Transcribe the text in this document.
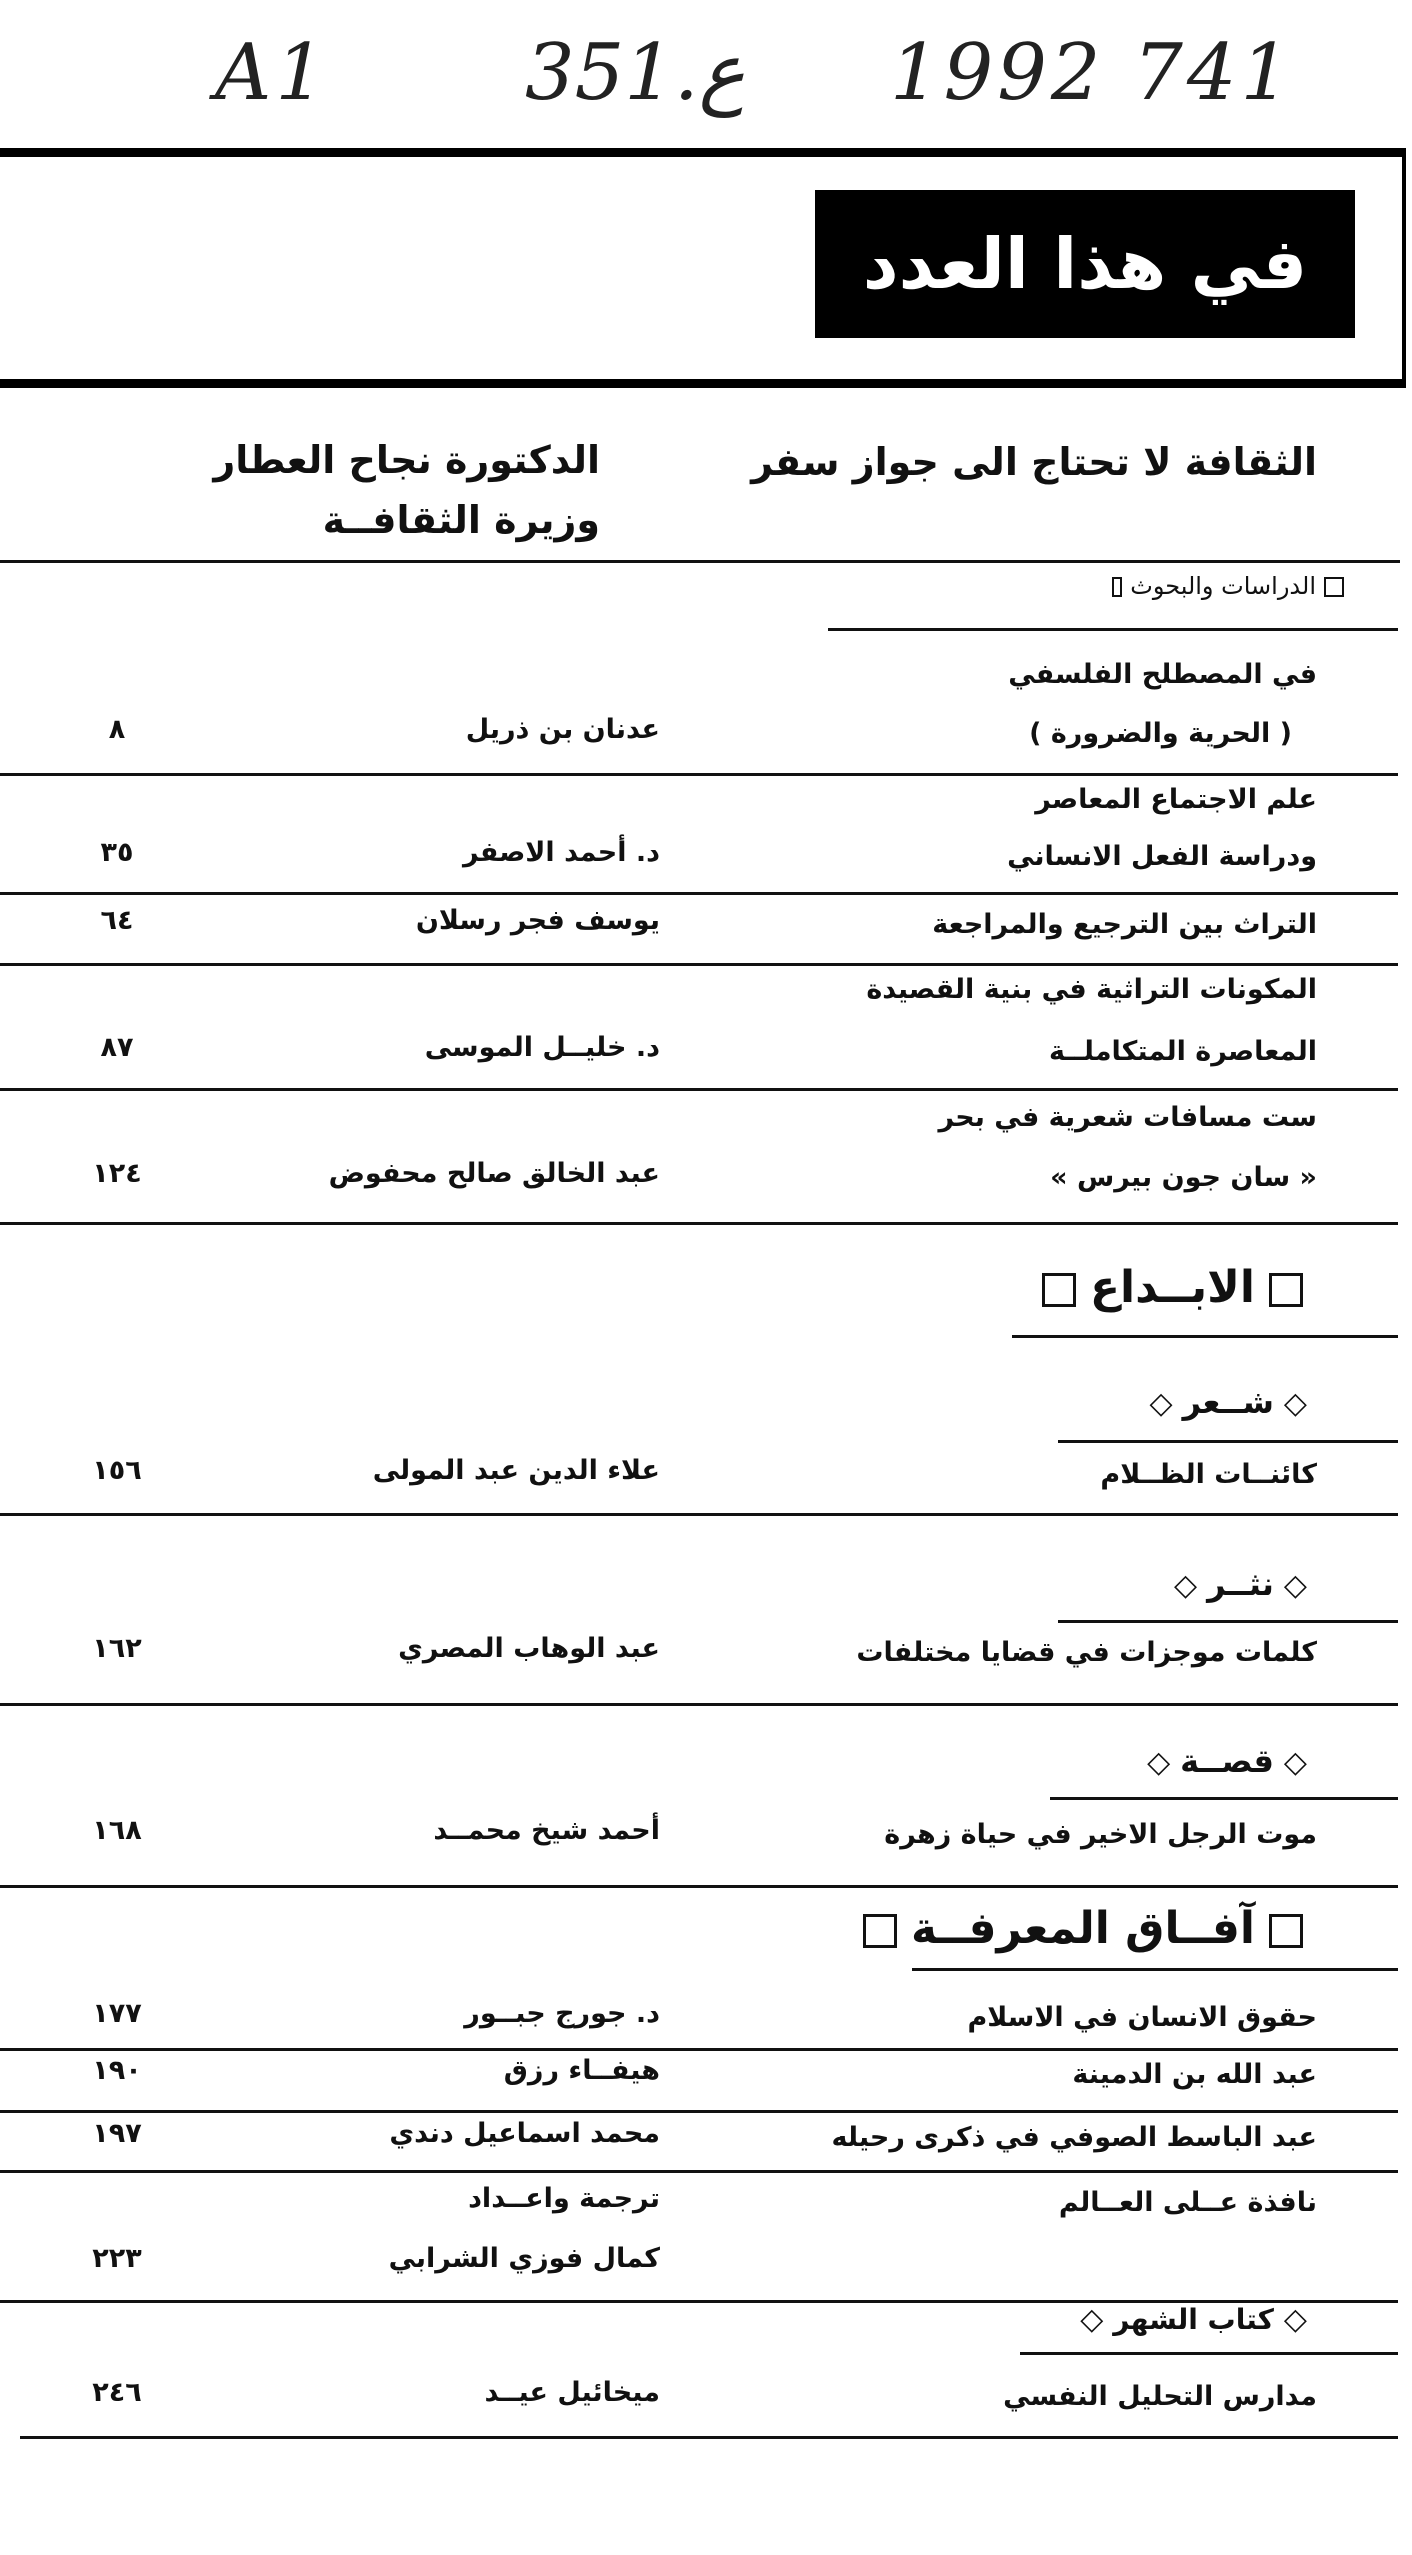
A1	351.ع 1992 741
في هذا العدد
الثقافة لا تحتاج الى جواز سفر
الدكتورة نجاح العطار
وزيرة الثقافــة
الدراسات والبحوث
في المصطلح الفلسفي
( الحرية والضرورة )
عدنان بن ذريل
٨
علم الاجتماع المعاصر
ودراسة الفعل الانساني
د. أحمد الاصفر
٣٥
التراث بين الترجيع والمراجعة
يوسف فجر رسلان
٦٤
المكونات التراثية في بنية القصيدة
المعاصرة المتكاملــة
د. خليــل الموسى
٨٧
ست مسافات شعرية في بحر
« سان جون بيرس »
عبد الخالق صالح محفوض
١٢٤
الابــداع
◇شــعر◇
كائنــات الظــلام
علاء الدين عبد المولى
١٥٦
◇نثــر◇
كلمات موجزات في قضايا مختلفات
عبد الوهاب المصري
١٦٢
◇قصــة◇
موت الرجل الاخير في حياة زهرة
أحمد شيخ محمــد
١٦٨
آفــاق المعرفــة
حقوق الانسان في الاسلام
د. جورج جبــور
١٧٧
عبد الله بن الدمينة
هيفــاء رزق
١٩٠
عبد الباسط الصوفي في ذكرى رحيله
محمد اسماعيل دندي
١٩٧
نافذة عــلى العــالم
ترجمة واعــداد
كمال فوزي الشرابي
٢٢٣
◇كتاب الشهر◇
مدارس التحليل النفسي
ميخائيل عيــد
٢٤٦
